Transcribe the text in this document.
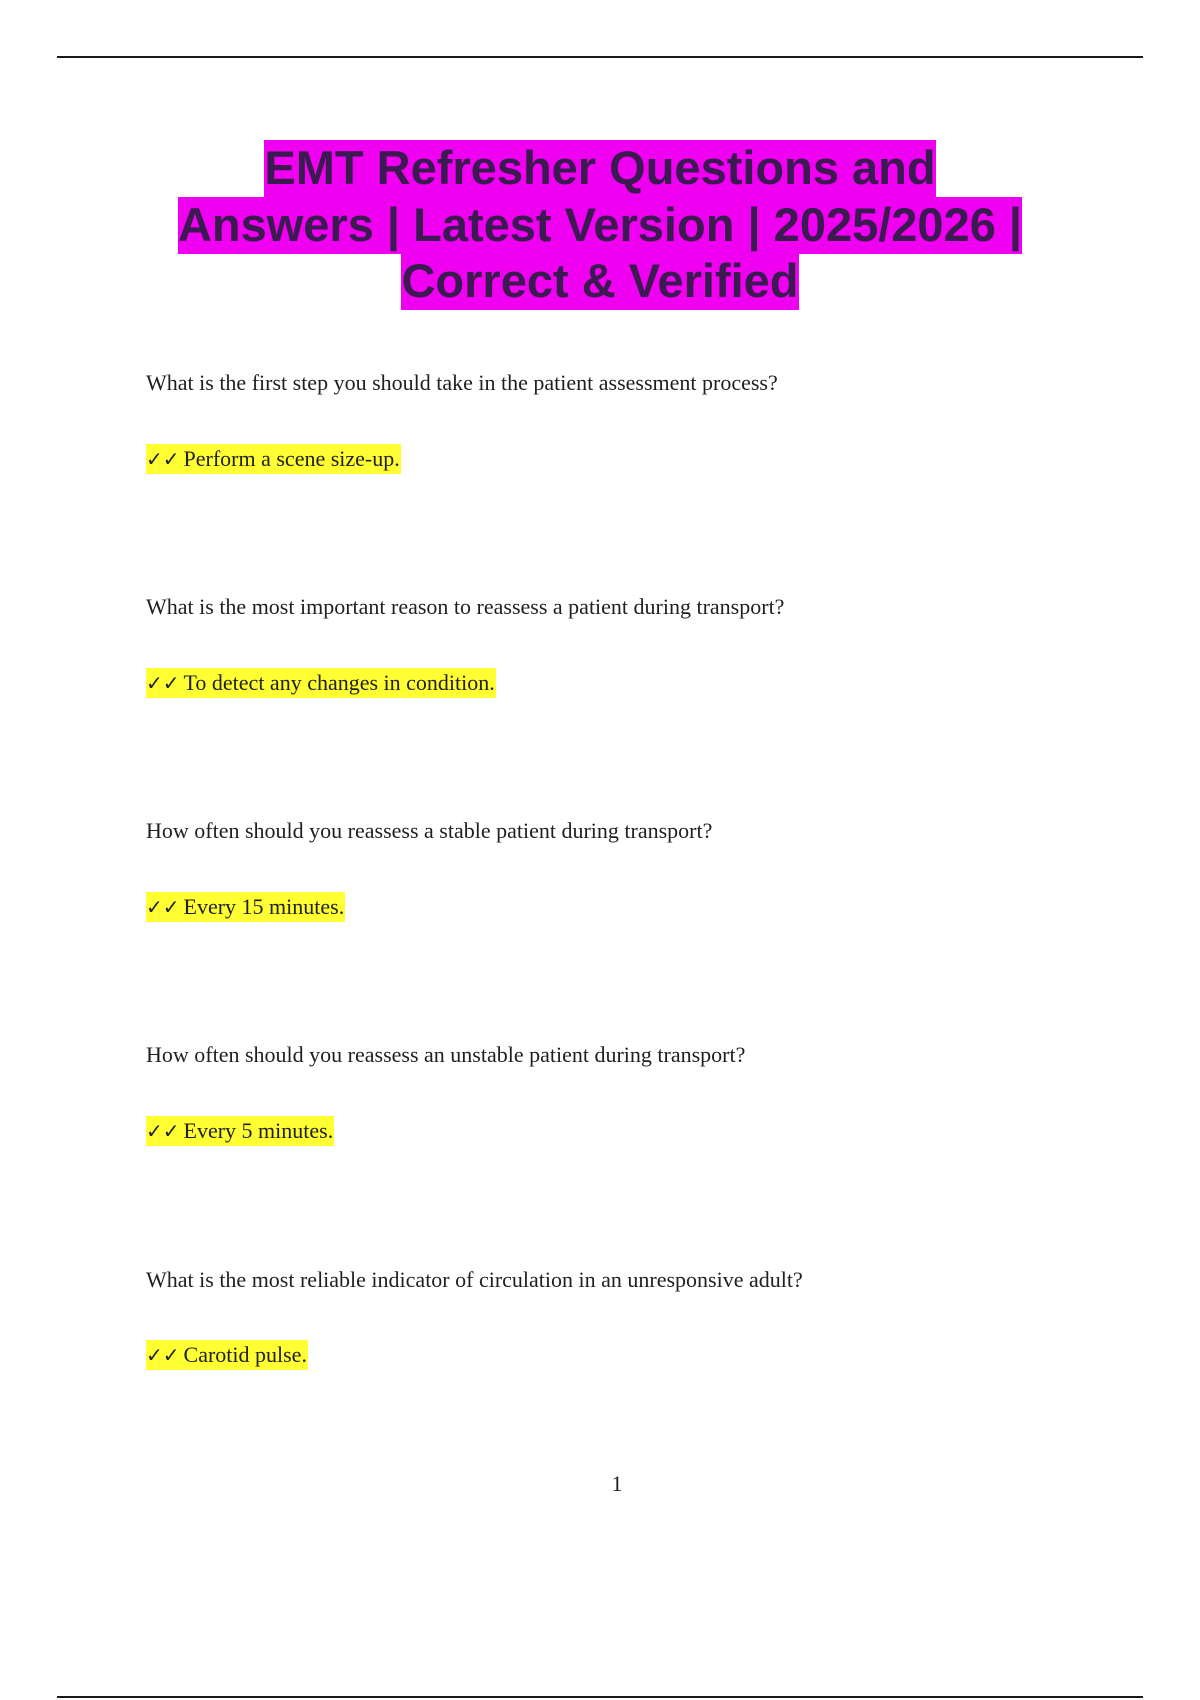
EMT Refresher Questions and
Answers | Latest Version | 2025/2026 |
Correct & Verified

What is the first step you should take in the patient assessment process?

✓✓ Perform a scene size-up.

What is the most important reason to reassess a patient during transport?

✓✓ To detect any changes in condition.

How often should you reassess a stable patient during transport?

✓✓ Every 15 minutes.

How often should you reassess an unstable patient during transport?

✓✓ Every 5 minutes.

What is the most reliable indicator of circulation in an unresponsive adult?

✓✓ Carotid pulse.

1
